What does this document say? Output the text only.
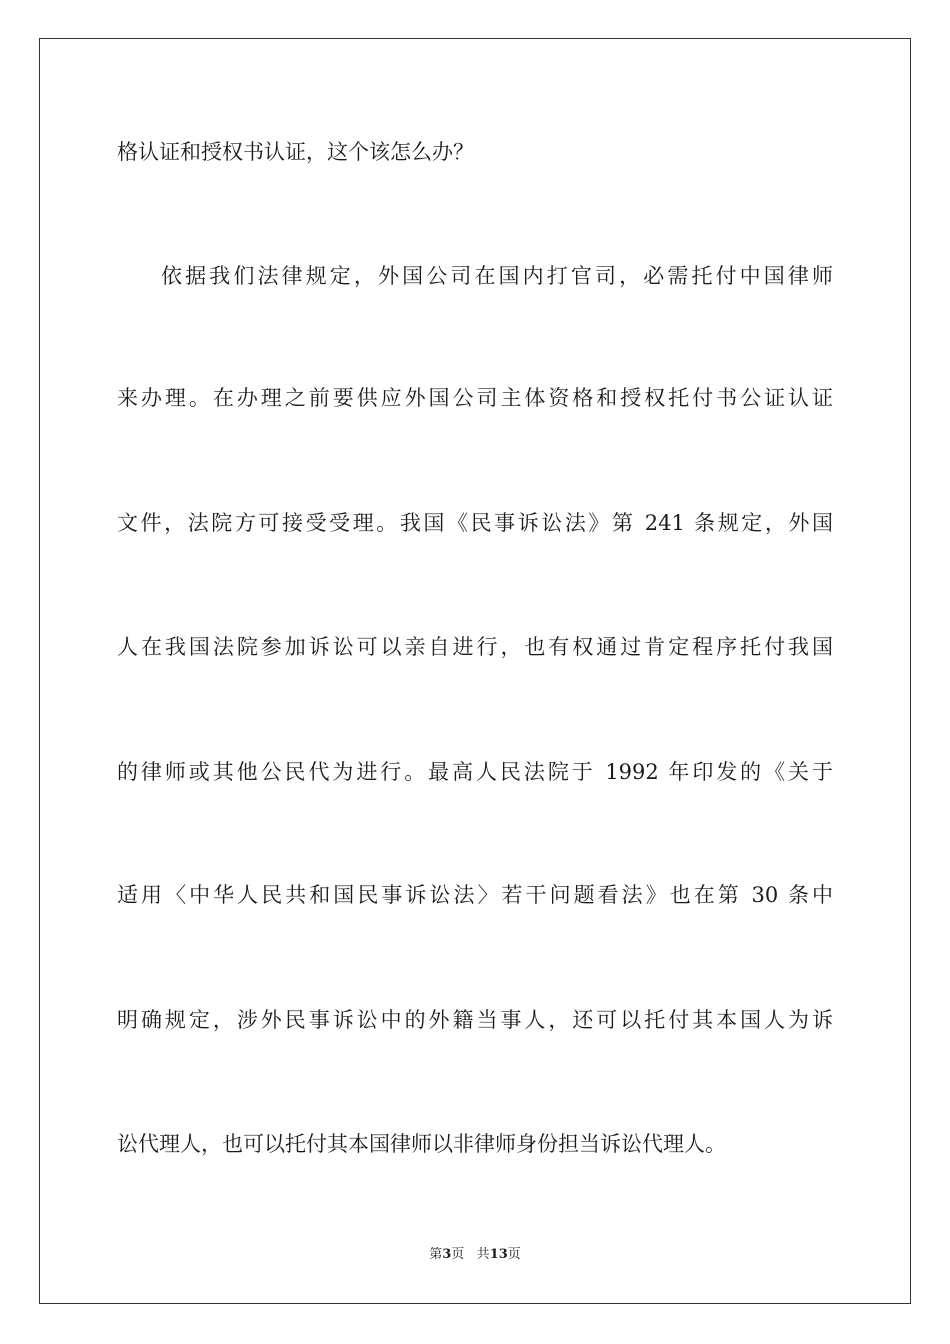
格认证和授权书认证，这个该怎么办？
依据我们法律规定，外国公司在国内打官司，必需托付中国律师
来办理。在办理之前要供应外国公司主体资格和授权托付书公证认证
文件，法院方可接受受理。我国《民事诉讼法》第 241 条规定，外国
人在我国法院参加诉讼可以亲自进行，也有权通过肯定程序托付我国
的律师或其他公民代为进行。最高人民法院于 1992 年印发的《关于
适用〈中华人民共和国民事诉讼法〉若干问题看法》也在第 30 条中
明确规定，涉外民事诉讼中的外籍当事人，还可以托付其本国人为诉
讼代理人，也可以托付其本国律师以非律师身份担当诉讼代理人。
第3页 共13页
